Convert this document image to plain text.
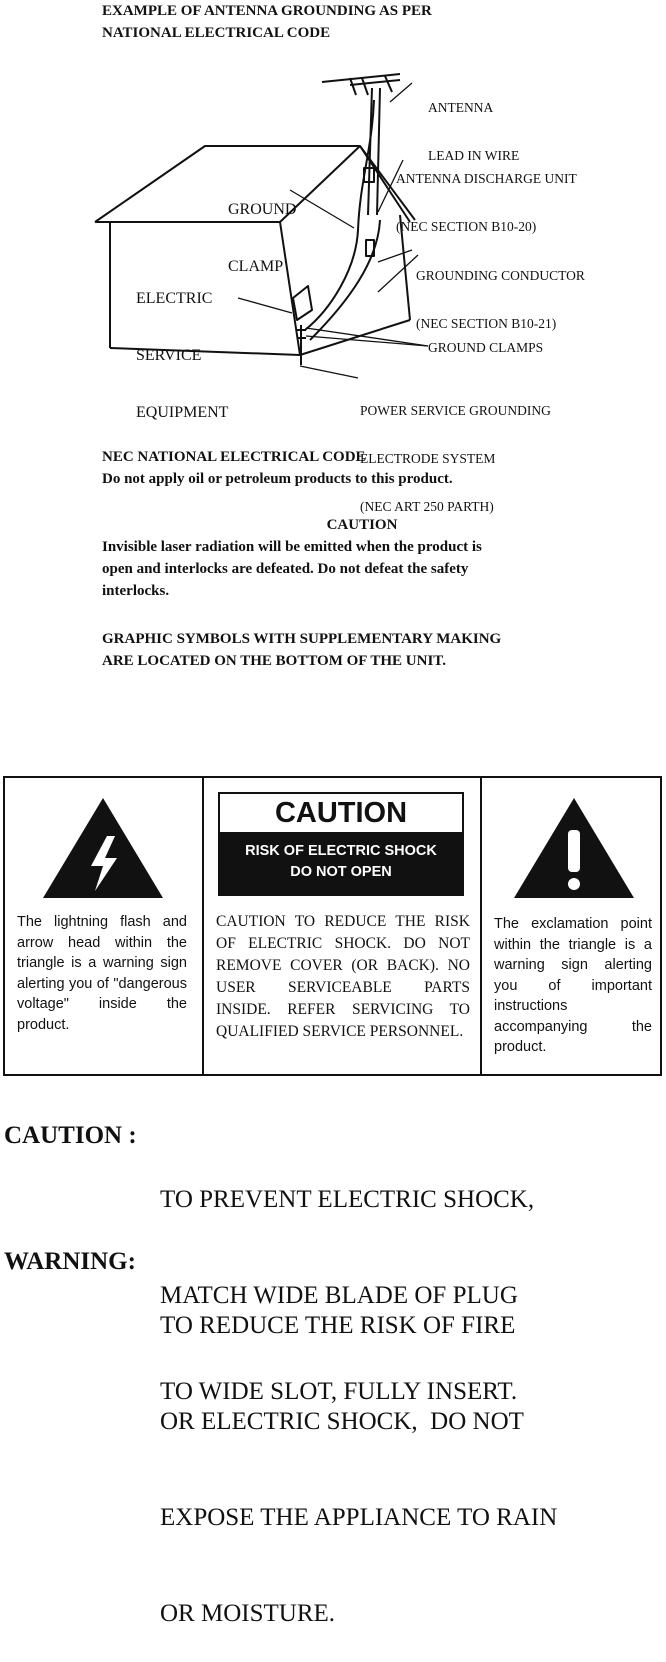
EXAMPLE OF ANTENNA GROUNDING AS PER
NATIONAL ELECTRICAL CODE

ANTENNA

LEAD IN WIRE

ANTENNA DISCHARGE UNIT

(NEC SECTION B10-20)

GROUND

CLAMP

GROUNDING CONDUCTOR

(NEC SECTION B10-21)

ELECTRIC

SERVICE

EQUIPMENT

GROUND CLAMPS

POWER SERVICE GROUNDING

ELECTRODE SYSTEM

(NEC ART 250 PARTH)

NEC NATIONAL ELECTRICAL CODE

Do not apply oil or petroleum products to this product.

CAUTION
Invisible laser radiation will be emitted when the product is
open and interlocks are defeated. Do not defeat the safety
interlocks.
GRAPHIC SYMBOLS WITH SUPPLEMENTARY MAKING
ARE LOCATED ON THE BOTTOM OF THE UNIT.
The lightning flash and arrow head within the triangle is a warning sign alerting you of "dangerous voltage" inside the product.
CAUTION
RISK OF ELECTRIC SHOCK
DO NOT OPEN
CAUTION TO REDUCE THE RISK OF ELECTRIC SHOCK. DO NOT REMOVE COVER (OR BACK). NO USER SERVICEABLE PARTS INSIDE. REFER SERVICING TO QUALIFIED SERVICE PERSONNEL.
The exclamation point within the triangle is a warning sign alerting you of important instructions accompanying the product.
CAUTION :

TO PREVENT ELECTRIC SHOCK,

MATCH WIDE BLADE OF PLUG

TO WIDE SLOT, FULLY INSERT.

WARNING:

TO REDUCE THE RISK OF FIRE

OR ELECTRIC SHOCK,  DO NOT

EXPOSE THE APPLIANCE TO RAIN

OR MOISTURE.
